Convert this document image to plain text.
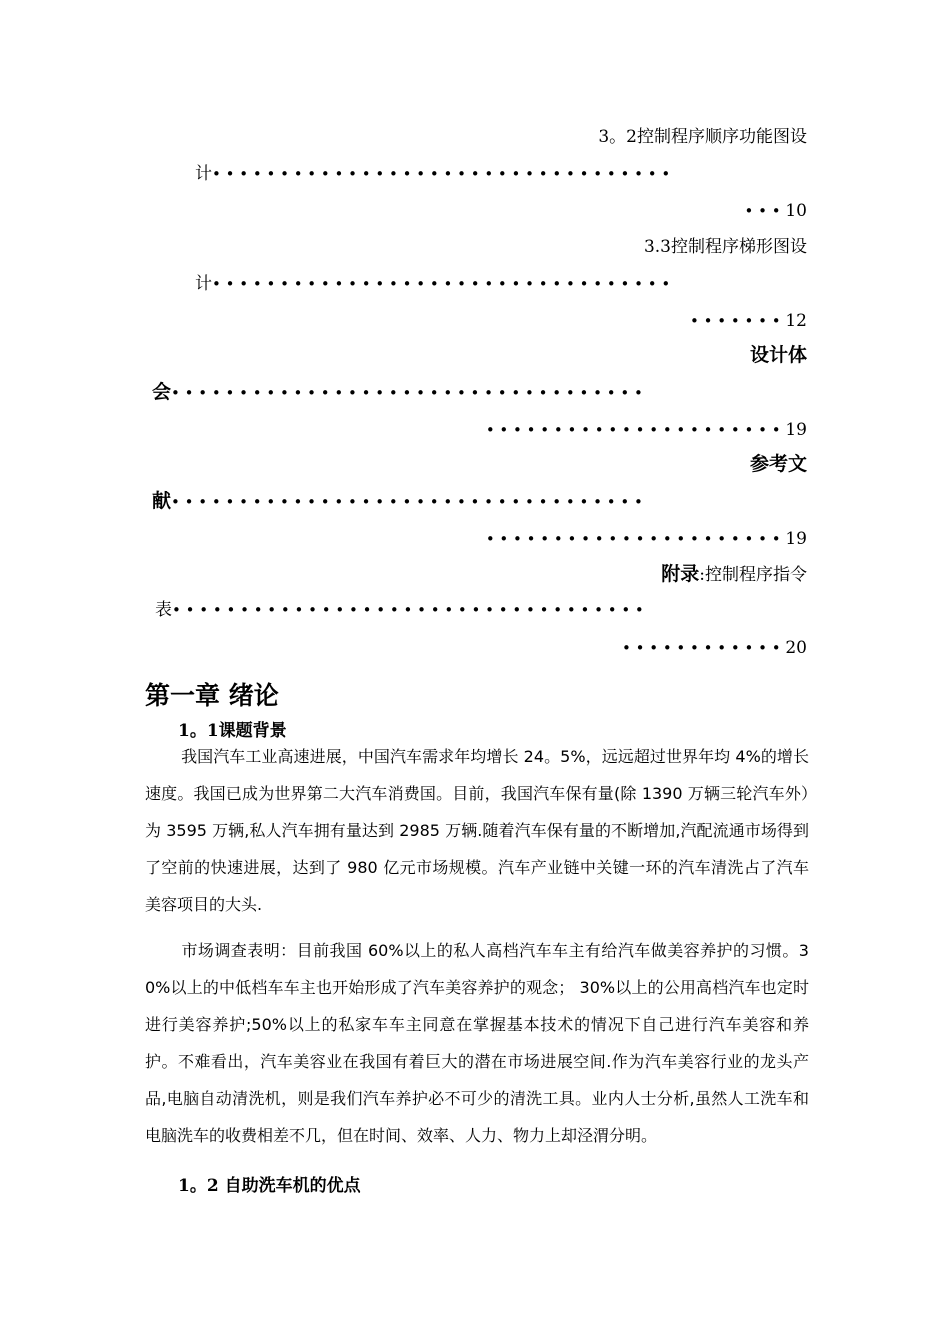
3。2控制程序顺序功能图设
计• • • • • • • • • • • • • • • • • • • • • • • • • • • • • • • • • •
• • • 10
3.3控制程序梯形图设
计• • • • • • • • • • • • • • • • • • • • • • • • • • • • • • • • • •
• • • • • • • 12
设计体
会• • • • • • • • • • • • • • • • • • • • • • • • • • • • • • • • • • •
• • • • • • • • • • • • • • • • • • • • • • 19
参考文
献• • • • • • • • • • • • • • • • • • • • • • • • • • • • • • • • • • •
• • • • • • • • • • • • • • • • • • • • • • 19
附录:控制程序指令
表• • • • • • • • • • • • • • • • • • • • • • • • • • • • • • • • • • •
• • • • • • • • • • • • 20
第一章 绪论
1。1课题背景
我国汽车工业高速进展，中国汽车需求年均增长 24。5%，远远超过世界年均 4%的增长速度。我国已成为世界第二大汽车消费国。目前，我国汽车保有量(除 1390 万辆三轮汽车外）为 3595 万辆,私人汽车拥有量达到 2985 万辆.随着汽车保有量的不断增加,汽配流通市场得到了空前的快速进展，达到了 980 亿元市场规模。汽车产业链中关键一环的汽车清洗占了汽车美容项目的大头.
市场调查表明：目前我国 60%以上的私人高档汽车车主有给汽车做美容养护的习惯。30%以上的中低档车车主也开始形成了汽车美容养护的观念； 30%以上的公用高档汽车也定时进行美容养护;50%以上的私家车车主同意在掌握基本技术的情况下自己进行汽车美容和养护。不难看出，汽车美容业在我国有着巨大的潜在市场进展空间.作为汽车美容行业的龙头产品,电脑自动清洗机，则是我们汽车养护必不可少的清洗工具。业内人士分析,虽然人工洗车和电脑洗车的收费相差不几，但在时间、效率、人力、物力上却泾渭分明。
1。2 自助洗车机的优点
